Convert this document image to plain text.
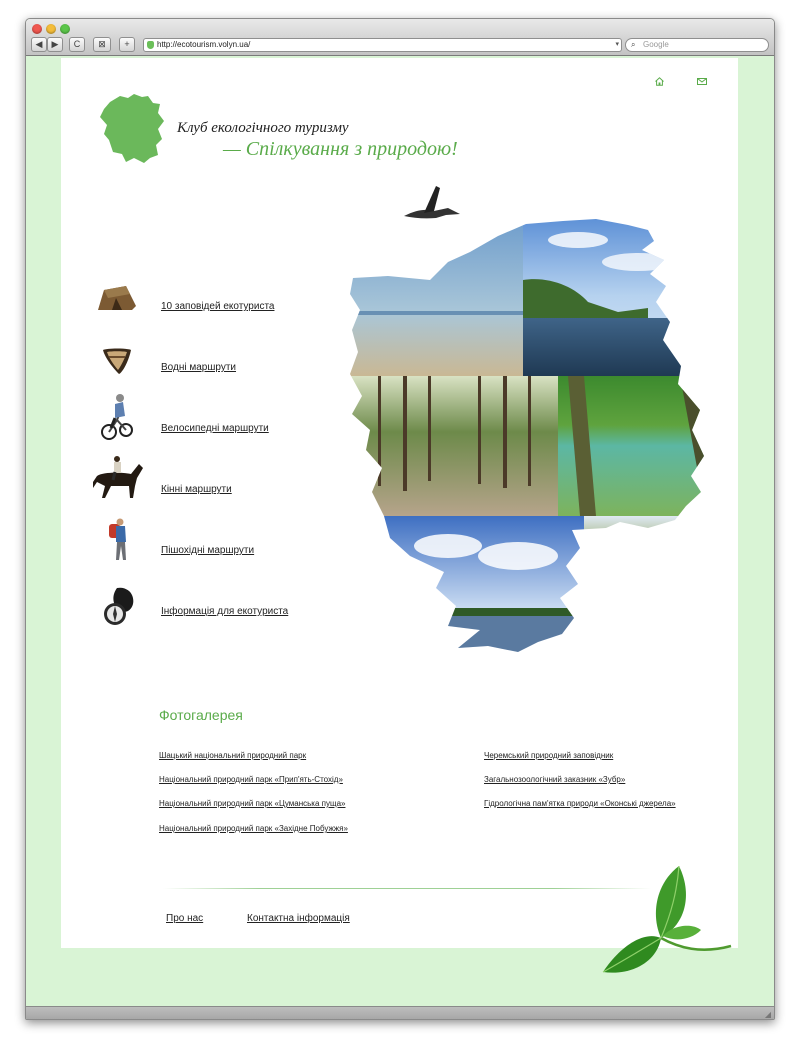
◀	▶	C	⊠	+	http://ecotourism.volyn.ua/	▾ ⌕ Google
Клуб екологічного туризму
— Спілкування з природою!
10 заповідей екотуриста
Водні маршрути
Велосипедні маршрути
Кінні маршрути
Пішохідні маршрути
Інформація для екотуриста
Фотогалерея
Шацький національний природний парк
Національний природний парк «Прип'ять-Стохід»
Національний природний парк «Цуманська пуща»
Національний природний парк «Західне Побужжя»
Черемський природний заповідник
Загальнозоологічний заказник «Зубр»
Гідрологічна пам'ятка природи «Оконські джерела»
Про нас	Контактна інформація
◢
